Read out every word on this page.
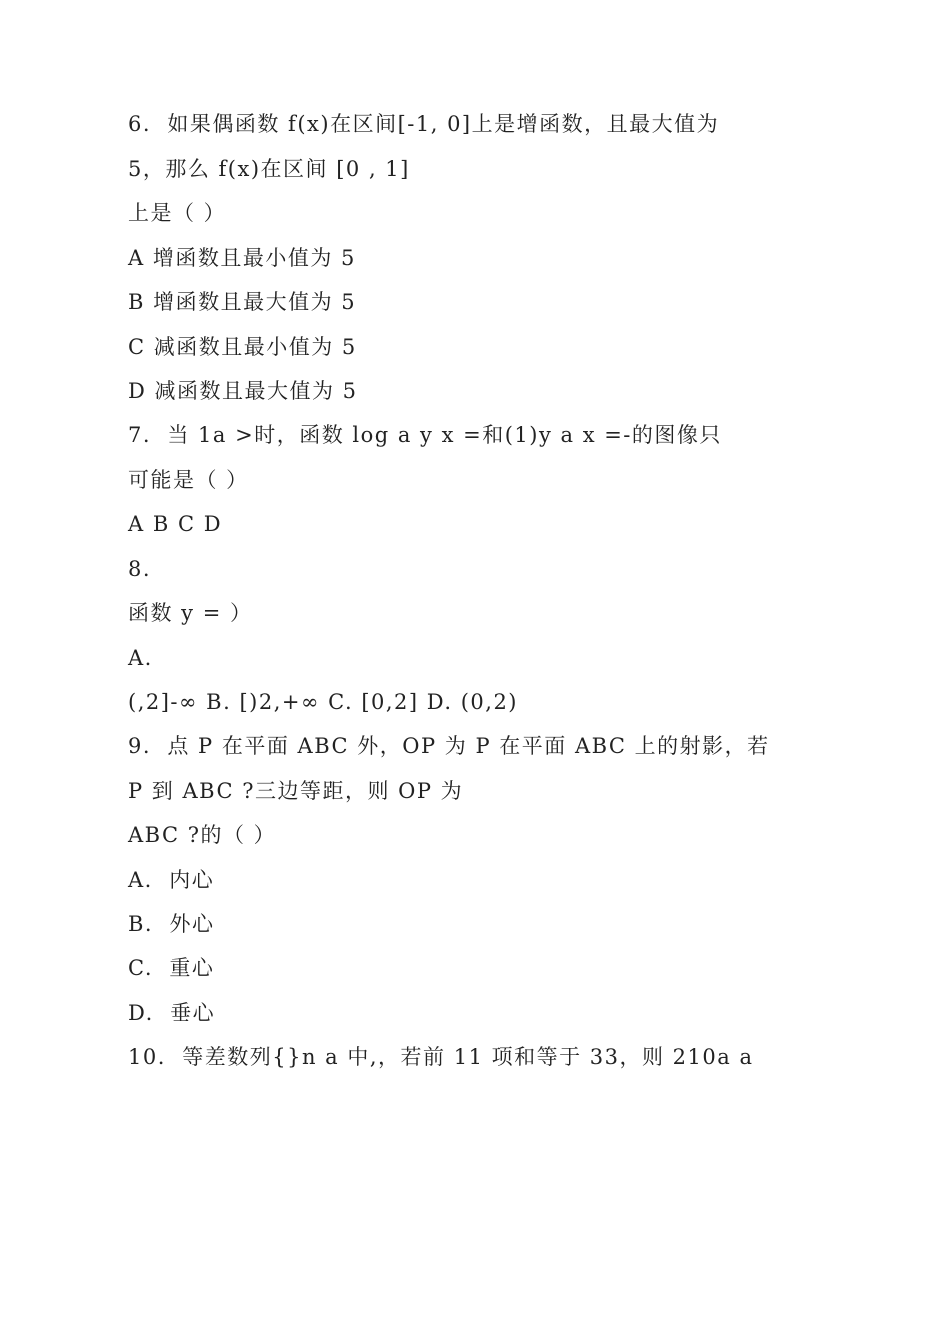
6.  如果偶函数 f(x)在区间[-1, 0]上是增函数，且最大值为

5，那么 f(x)在区间 [0 , 1]

上是（ ）

A 增函数且最小值为 5

B 增函数且最大值为 5

C 减函数且最小值为 5

D 减函数且最大值为 5

7.  当 1a >时，函数 log a y x =和(1)y a x =-的图像只

可能是（ ）

A B C D

8.

函数 y = ）

A.

(,2]-∞ B. [)2,+∞ C. [0,2] D. (0,2)

9.  点 P 在平面 ABC 外，OP 为 P 在平面 ABC 上的射影，若

P 到 ABC ?三边等距，则 OP 为

ABC ?的（ ）

A.  内心

B.  外心

C.  重心

D.  垂心

10.  等差数列{}n a 中,，若前 11 项和等于 33，则 210a a
